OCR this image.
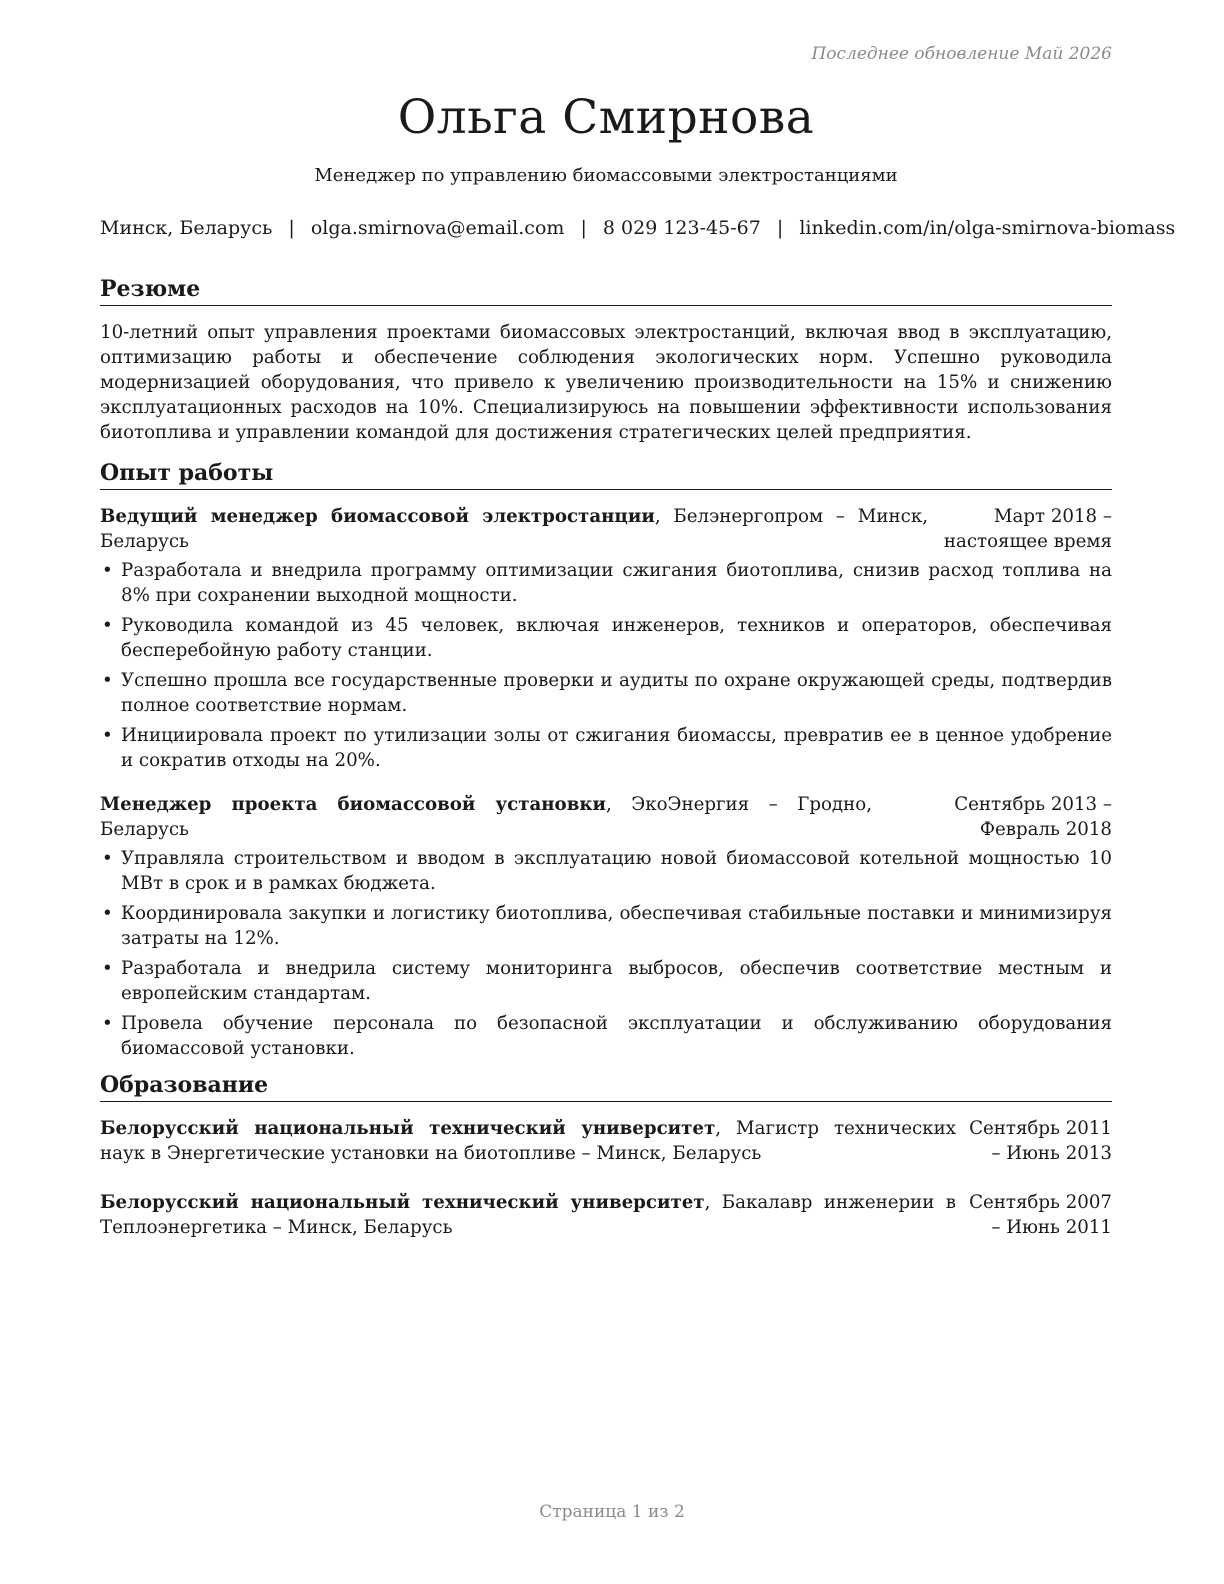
Последнее обновление Май 2026
Ольга Смирнова
Менеджер по управлению биомассовыми электростанциями
Минск, Беларусь | olga.smirnova@email.com | 8 029 123-45-67 | linkedin.com/in/olga-smirnova-biomass
Резюме

10-летний опыт управления проектами биомассовых электростанций, включая ввод в эксплуатацию, оптимизацию работы и обеспечение соблюдения экологических норм. Успешно руководила модернизацией оборудования, что привело к увеличению производительности на 15% и снижению эксплуатационных расходов на 10%. Специализируюсь на повышении эффективности использования биотоплива и управлении командой для достижения стратегических целей предприятия.

Опыт работы
Ведущий менеджер биомассовой электростанции, Белэнергопром – Минск, Беларусь
Март 2018 – настоящее время
• Разработала и внедрила программу оптимизации сжигания биотоплива, снизив расход топлива на 8% при сохранении выходной мощности.
• Руководила командой из 45 человек, включая инженеров, техников и операторов, обеспечивая бесперебойную работу станции.
• Успешно прошла все государственные проверки и аудиты по охране окружающей среды, подтвердив полное соответствие нормам.
• Инициировала проект по утилизации золы от сжигания биомассы, превратив ее в ценное удобрение и сократив отходы на 20%.
Менеджер проекта биомассовой установки, ЭкоЭнергия – Гродно, Беларусь
Сентябрь 2013 – Февраль 2018
• Управляла строительством и вводом в эксплуатацию новой биомассовой котельной мощностью 10 МВт в срок и в рамках бюджета.
• Координировала закупки и логистику биотоплива, обеспечивая стабильные поставки и минимизируя затраты на 12%.
• Разработала и внедрила систему мониторинга выбросов, обеспечив соответствие местным и европейским стандартам.
• Провела обучение персонала по безопасной эксплуатации и обслуживанию оборудования биомассовой установки.
Образование
Белорусский национальный технический университет, Магистр технических наук в Энергетические установки на биотопливе – Минск, Беларусь
Сентябрь 2011 – Июнь 2013
Белорусский национальный технический университет, Бакалавр инженерии в Теплоэнергетика – Минск, Беларусь
Сентябрь 2007 – Июнь 2011
Страница 1 из 2
